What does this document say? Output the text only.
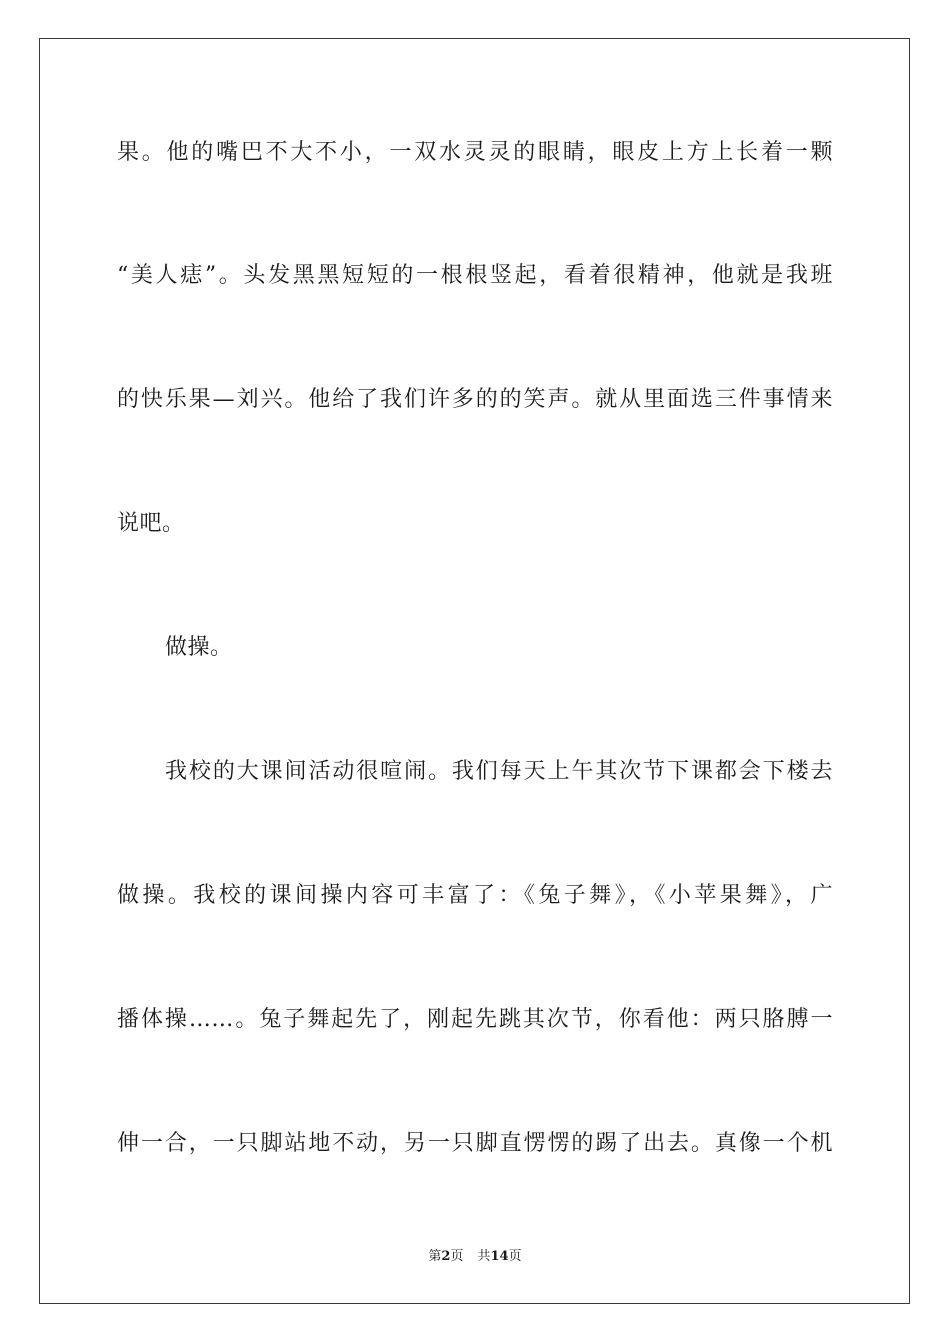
果。他的嘴巴不大不小，一双水灵灵的眼睛，眼皮上方上长着一颗
“美人痣”。头发黑黑短短的一根根竖起，看着很精神，他就是我班
的快乐果—刘兴。他给了我们许多的的笑声。就从里面选三件事情来
说吧。
做操。
我校的大课间活动很喧闹。我们每天上午其次节下课都会下楼去
做操。我校的课间操内容可丰富了：《兔子舞》，《小苹果舞》，广
播体操……。兔子舞起先了，刚起先跳其次节，你看他：两只胳膊一
伸一合，一只脚站地不动，另一只脚直愣愣的踢了出去。真像一个机
第2页 共14页
